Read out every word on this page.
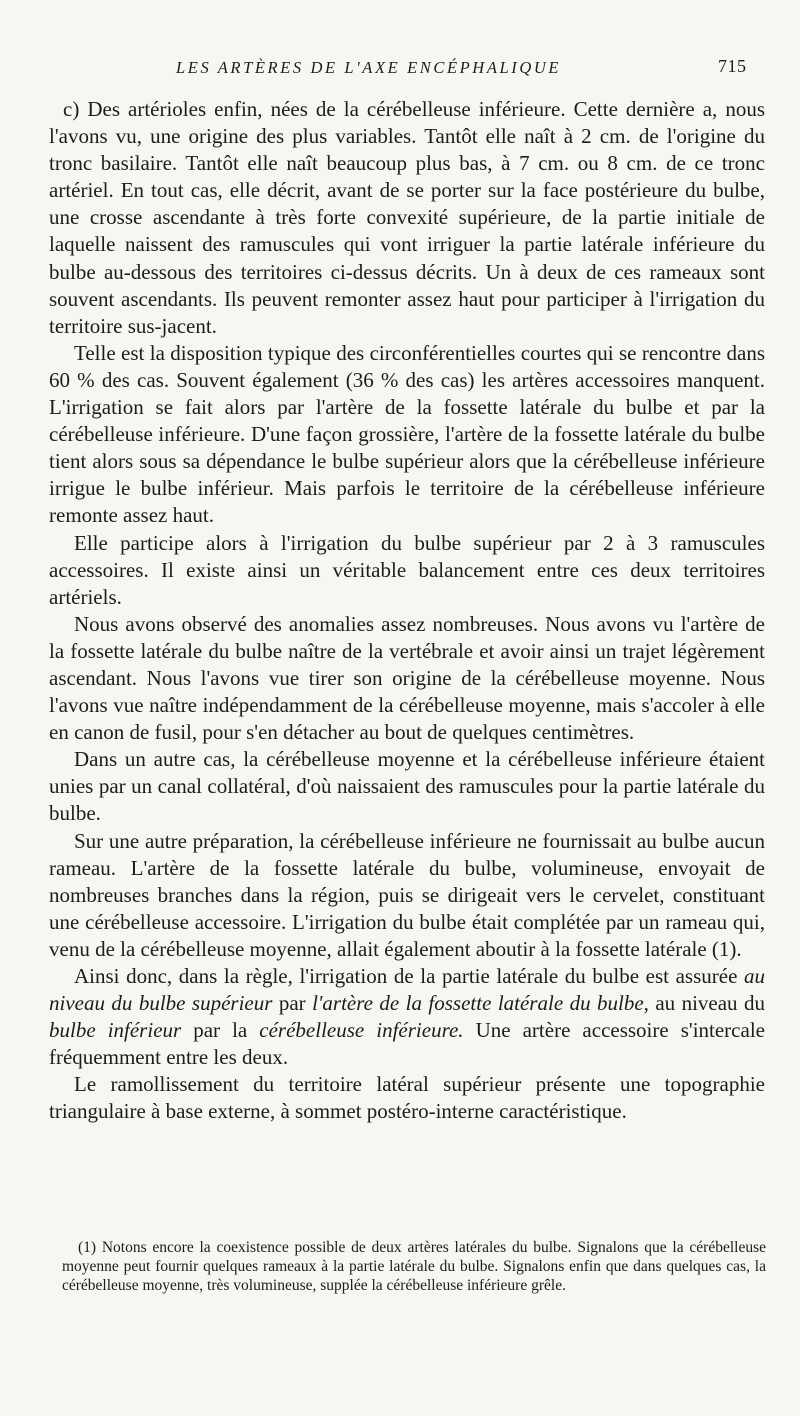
LES ARTÈRES DE L'AXE ENCÉPHALIQUE	715

c) Des artérioles enfin, nées de la cérébelleuse inférieure. Cette dernière a, nous l'avons vu, une origine des plus variables. Tantôt elle naît à 2 cm. de l'origine du tronc basilaire. Tantôt elle naît beaucoup plus bas, à 7 cm. ou 8 cm. de ce tronc artériel. En tout cas, elle décrit, avant de se porter sur la face postérieure du bulbe, une crosse ascendante à très forte convexité supérieure, de la partie initiale de laquelle naissent des ramuscules qui vont irriguer la partie latérale inférieure du bulbe au-dessous des territoires ci-dessus décrits. Un à deux de ces rameaux sont souvent ascendants. Ils peuvent remonter assez haut pour participer à l'irrigation du territoire sus-jacent.

Telle est la disposition typique des circonférentielles courtes qui se rencontre dans 60 % des cas. Souvent également (36 % des cas) les artères accessoires manquent. L'irrigation se fait alors par l'artère de la fossette latérale du bulbe et par la cérébelleuse inférieure. D'une façon grossière, l'artère de la fossette latérale du bulbe tient alors sous sa dépendance le bulbe supérieur alors que la cérébelleuse inférieure irrigue le bulbe inférieur. Mais parfois le territoire de la cérébelleuse inférieure remonte assez haut.

Elle participe alors à l'irrigation du bulbe supérieur par 2 à 3 ramuscules accessoires. Il existe ainsi un véritable balancement entre ces deux territoires artériels.

Nous avons observé des anomalies assez nombreuses. Nous avons vu l'artère de la fossette latérale du bulbe naître de la vertébrale et avoir ainsi un trajet légèrement ascendant. Nous l'avons vue tirer son origine de la cérébelleuse moyenne. Nous l'avons vue naître indépendamment de la cérébelleuse moyenne, mais s'accoler à elle en canon de fusil, pour s'en détacher au bout de quelques centimètres.

Dans un autre cas, la cérébelleuse moyenne et la cérébelleuse inférieure étaient unies par un canal collatéral, d'où naissaient des ramuscules pour la partie latérale du bulbe.

Sur une autre préparation, la cérébelleuse inférieure ne fournissait au bulbe aucun rameau. L'artère de la fossette latérale du bulbe, volumineuse, envoyait de nombreuses branches dans la région, puis se dirigeait vers le cervelet, constituant une cérébelleuse accessoire. L'irrigation du bulbe était complétée par un rameau qui, venu de la cérébelleuse moyenne, allait également aboutir à la fossette latérale (1).

Ainsi donc, dans la règle, l'irrigation de la partie latérale du bulbe est assurée au niveau du bulbe supérieur par l'artère de la fossette latérale du bulbe, au niveau du bulbe inférieur par la cérébelleuse inférieure. Une artère accessoire s'intercale fréquemment entre les deux.

Le ramollissement du territoire latéral supérieur présente une topographie triangulaire à base externe, à sommet postéro-interne caractéristique.

(1) Notons encore la coexistence possible de deux artères latérales du bulbe. Signalons que la cérébelleuse moyenne peut fournir quelques rameaux à la partie latérale du bulbe. Signalons enfin que dans quelques cas, la cérébelleuse moyenne, très volumineuse, supplée la cérébelleuse inférieure grêle.
